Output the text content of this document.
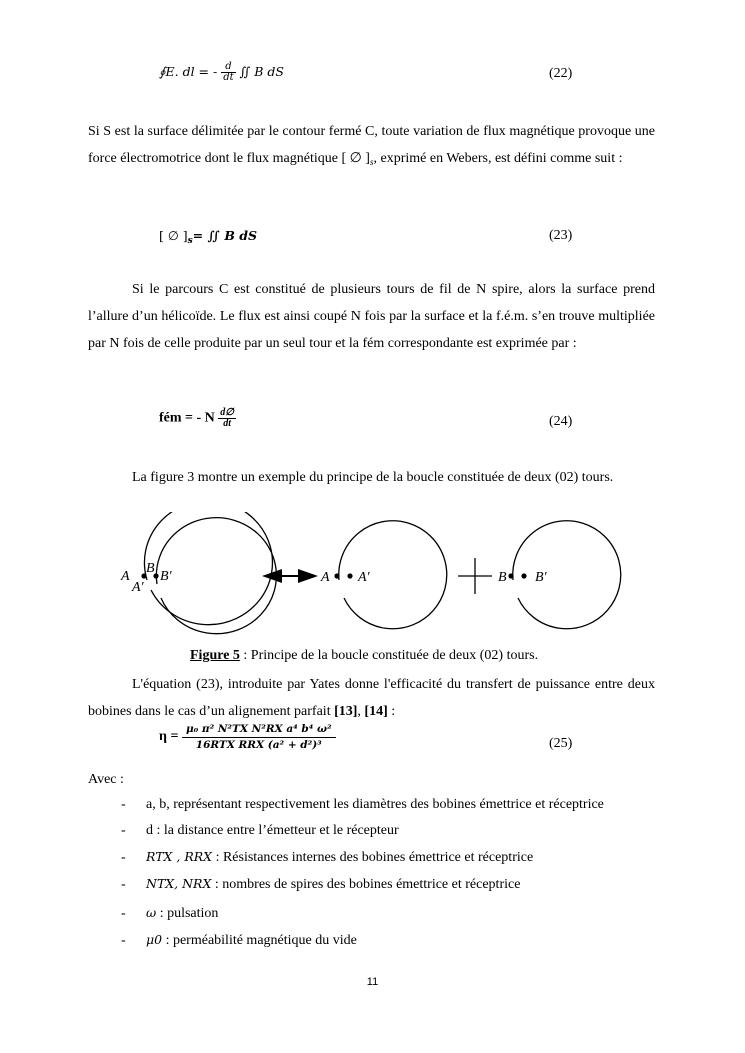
∮E. dl = - $\frac{d}{dt}$ ∬ B dS	(22)
Si S est la surface délimitée par le contour fermé C, toute variation de flux magnétique provoque une force électromotrice dont le flux magnétique [ ∅ ]$_s$, exprimé en Webers, est défini comme suit :
[ ∅ ]$_s=$ ∬ B dS	(23)
Si le parcours C est constitué de plusieurs tours de fil de N spire, alors la surface prend l’allure d’un hélicoïde. Le flux est ainsi coupé N fois par la surface et la f.é.m. s’en trouve multipliée par N fois de celle produite par un seul tour et la fém correspondante est exprimée par :
fém = - N $\frac{d\emptyset}{dt}$	(24)
La figure 3 montre un exemple du principe de la boucle constituée de deux (02) tours.
A
B
B′
A′
A A′	B B′
Figure 5 : Principe de la boucle constituée de deux (02) tours.
L'équation (23), introduite par Yates donne l'efficacité du transfert de puissance entre deux bobines dans le cas d’un alignement parfait [13], [14] :
$\eta = \frac{\text{μ₀ π² N²TX N²RX a⁴ b⁴ ω²}}{\text{16RTX RRX (a² + d²)³}}$	(25)
Avec :
- a, b, représentant respectivement les diamètres des bobines émettrice et réceptrice
- d : la distance entre l’émetteur et le récepteur
- RTX , RRX : Résistances internes des bobines émettrice et réceptrice
- NTX, NRX : nombres de spires des bobines émettrice et réceptrice
- ω : pulsation
- μ0 : perméabilité magnétique du vide
11
